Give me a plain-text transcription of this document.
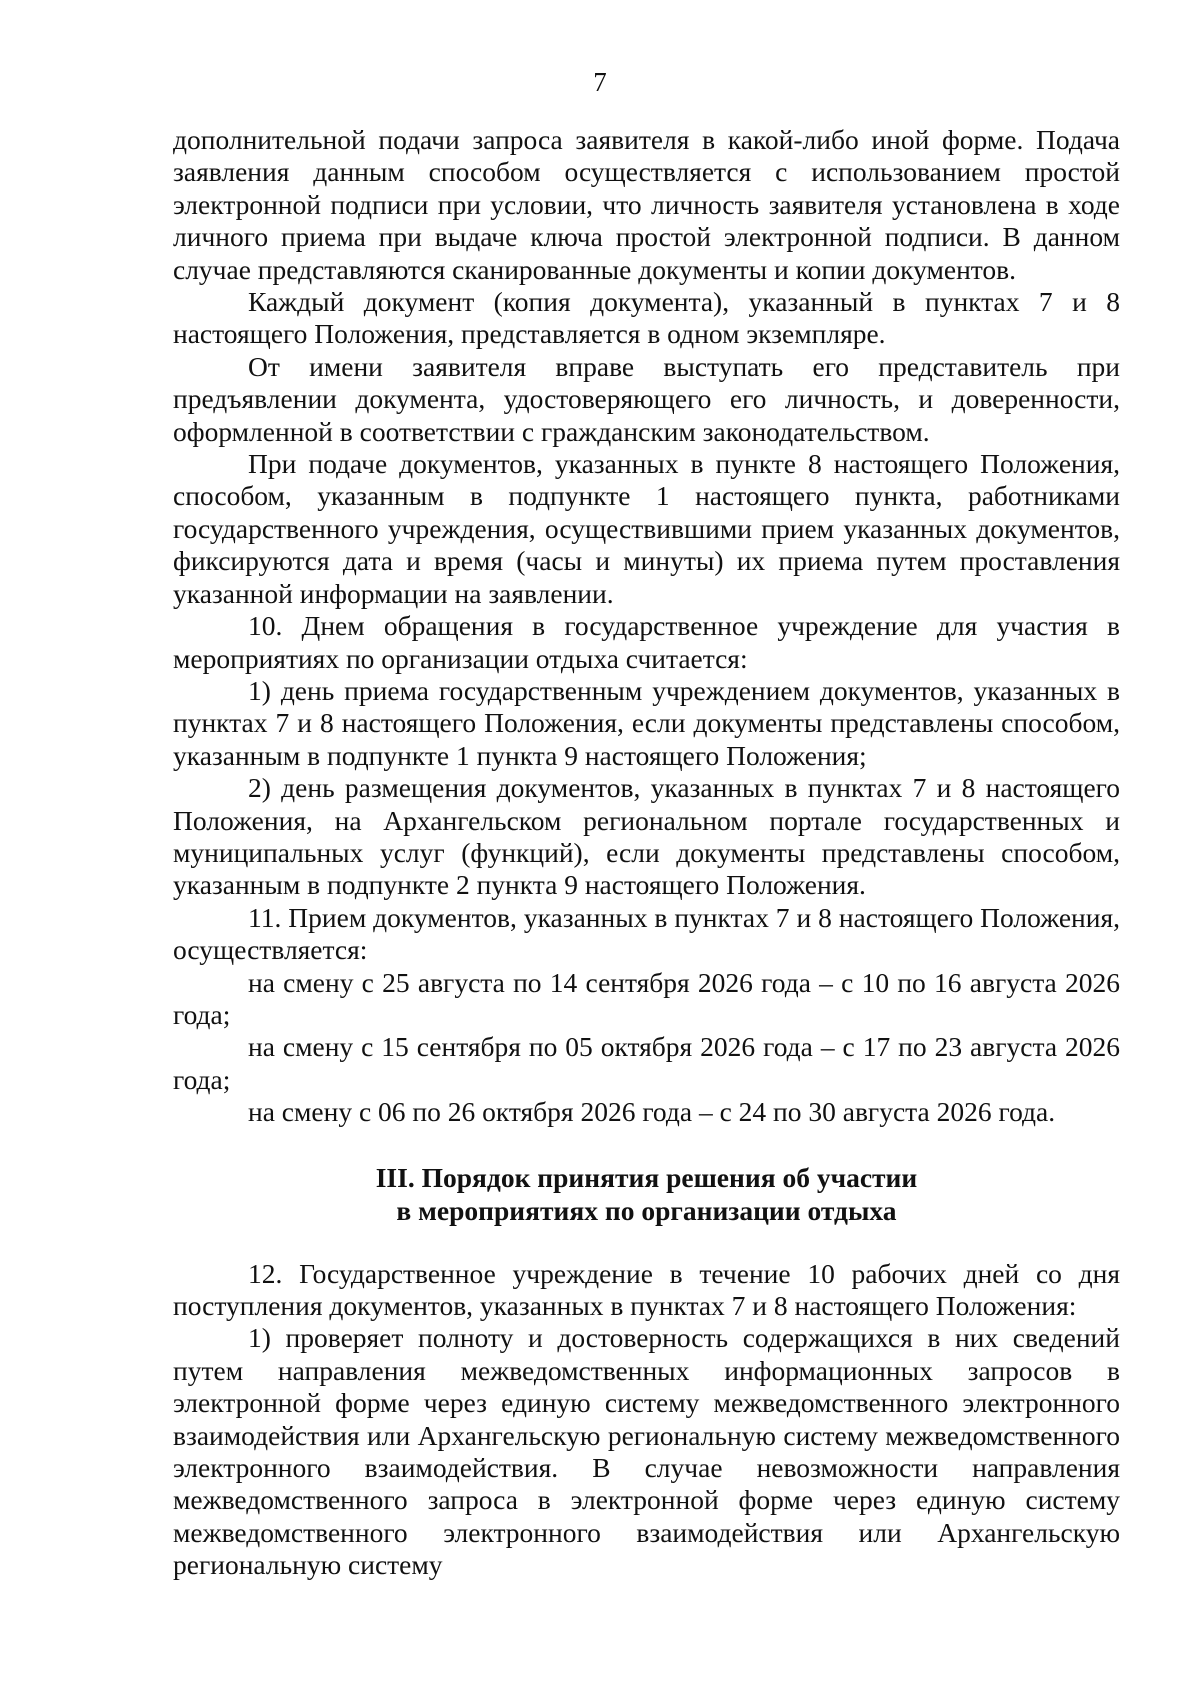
7

дополнительной подачи запроса заявителя в какой-либо иной форме. Подача заявления данным способом осуществляется с использованием простой электронной подписи при условии, что личность заявителя установлена в ходе личного приема при выдаче ключа простой электронной подписи. В данном случае представляются сканированные документы и копии документов.

Каждый документ (копия документа), указанный в пунктах 7 и 8 настоящего Положения, представляется в одном экземпляре.

От имени заявителя вправе выступать его представитель при предъявлении документа, удостоверяющего его личность, и доверенности, оформленной в соответствии с гражданским законодательством.

При подаче документов, указанных в пункте 8 настоящего Положения, способом, указанным в подпункте 1 настоящего пункта, работниками государственного учреждения, осуществившими прием указанных документов, фиксируются дата и время (часы и минуты) их приема путем проставления указанной информации на заявлении.

10. Днем обращения в государственное учреждение для участия в мероприятиях по организации отдыха считается:

1) день приема государственным учреждением документов, указанных в пунктах 7 и 8 настоящего Положения, если документы представлены способом, указанным в подпункте 1 пункта 9 настоящего Положения;

2) день размещения документов, указанных в пунктах 7 и 8 настоящего Положения, на Архангельском региональном портале государственных и муниципальных услуг (функций), если документы представлены способом, указанным в подпункте 2 пункта 9 настоящего Положения.

11. Прием документов, указанных в пунктах 7 и 8 настоящего Положения, осуществляется:

на смену с 25 августа по 14 сентября 2026 года – с 10 по 16 августа 2026 года;

на смену с 15 сентября по 05 октября 2026 года – с 17 по 23 августа 2026 года;

на смену с 06 по 26 октября 2026 года – с 24 по 30 августа 2026 года.

III. Порядок принятия решения об участии
в мероприятиях по организации отдыха

12. Государственное учреждение в течение 10 рабочих дней со дня поступления документов, указанных в пунктах 7 и 8 настоящего Положения:

1) проверяет полноту и достоверность содержащихся в них сведений путем направления межведомственных информационных запросов в электронной форме через единую систему межведомственного электронного взаимодействия или Архангельскую региональную систему межведомственного электронного взаимодействия. В случае невозможности направления межведомственного запроса в электронной форме через единую систему межведомственного электронного взаимодействия или Архангельскую региональную систему
